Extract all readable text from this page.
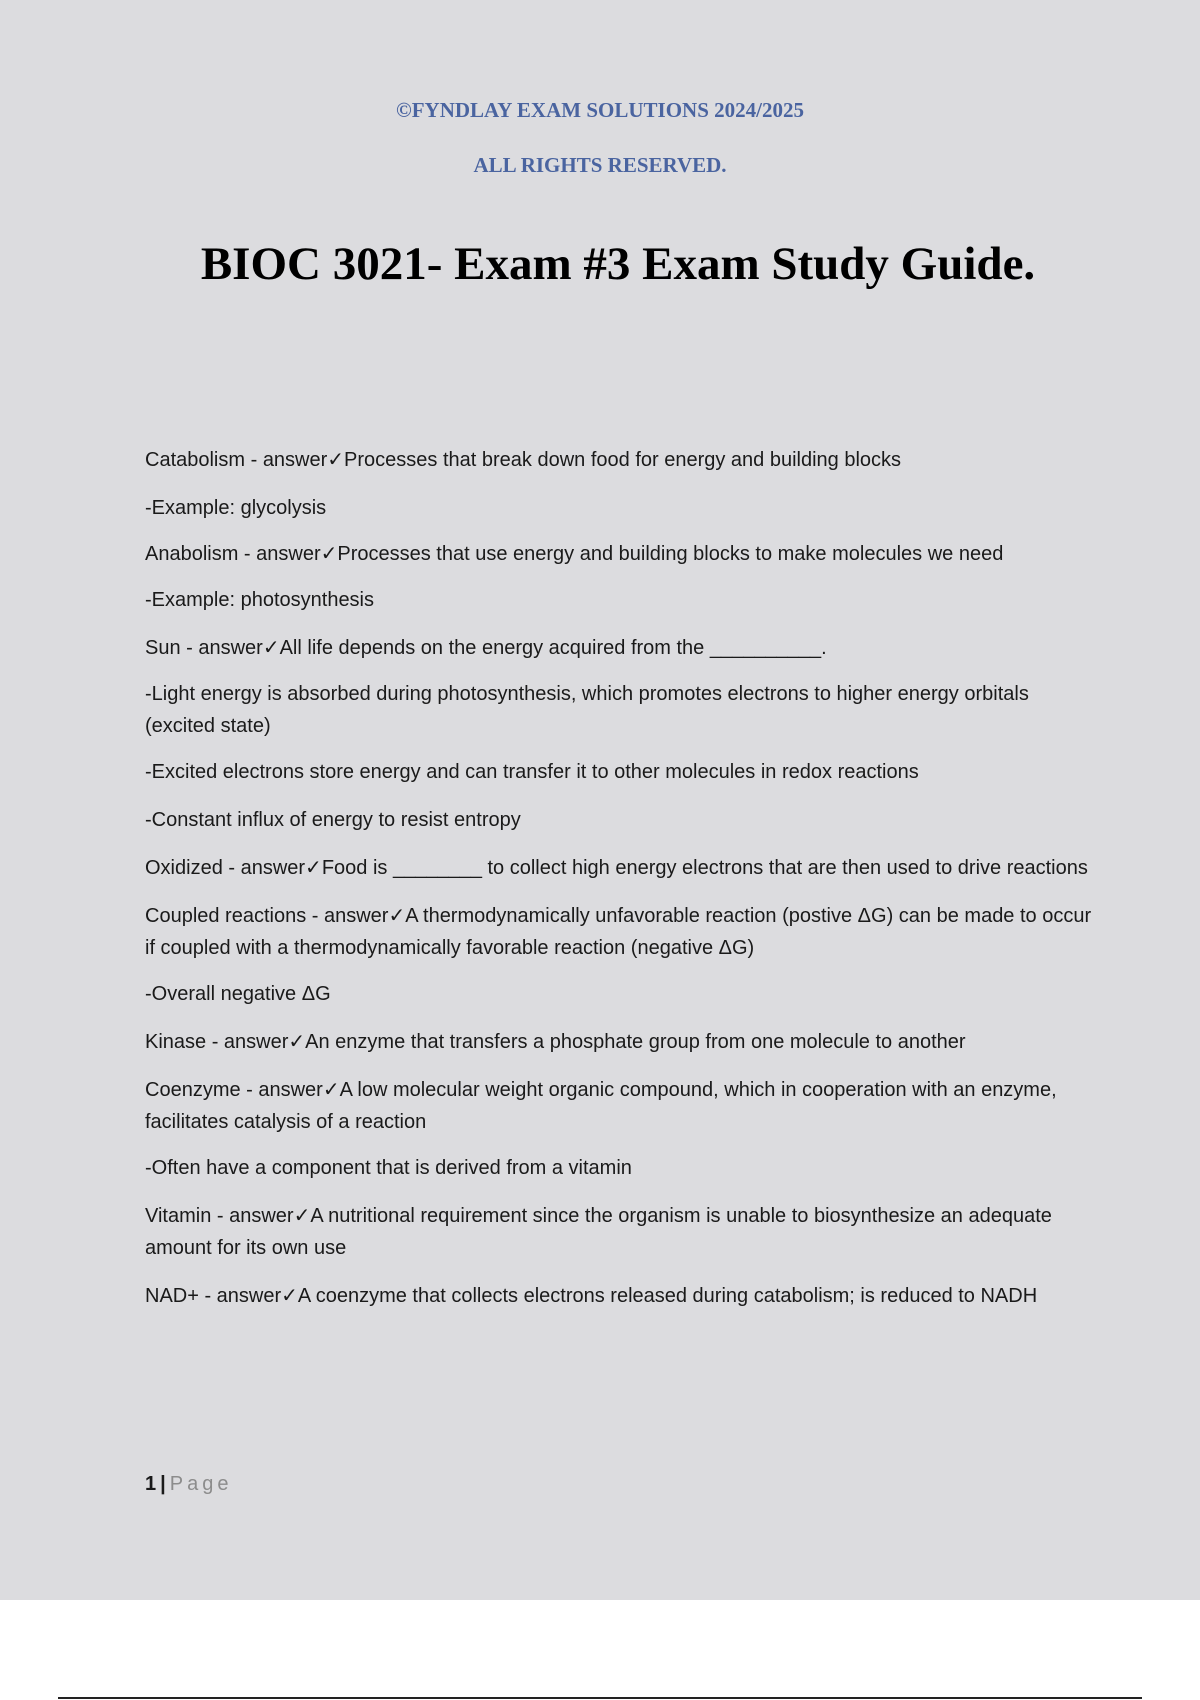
©FYNDLAY EXAM SOLUTIONS 2024/2025

ALL RIGHTS RESERVED.

BIOC 3021- Exam #3 Exam Study Guide.

Catabolism - answer✓Processes that break down food for energy and building blocks

-Example: glycolysis

Anabolism - answer✓Processes that use energy and building blocks to make molecules we need

-Example: photosynthesis

Sun - answer✓All life depends on the energy acquired from the __________.

-Light energy is absorbed during photosynthesis, which promotes electrons to higher energy orbitals (excited state)

-Excited electrons store energy and can transfer it to other molecules in redox reactions

-Constant influx of energy to resist entropy

Oxidized - answer✓Food is ________ to collect high energy electrons that are then used to drive reactions

Coupled reactions - answer✓A thermodynamically unfavorable reaction (postive ΔG) can be made to occur if coupled with a thermodynamically favorable reaction (negative ΔG)

-Overall negative ΔG

Kinase - answer✓An enzyme that transfers a phosphate group from one molecule to another

Coenzyme - answer✓A low molecular weight organic compound, which in cooperation with an enzyme, facilitates catalysis of a reaction

-Often have a component that is derived from a vitamin

Vitamin - answer✓A nutritional requirement since the organism is unable to biosynthesize an adequate amount for its own use

NAD+ - answer✓A coenzyme that collects electrons released during catabolism; is reduced to NADH

1 | Page
